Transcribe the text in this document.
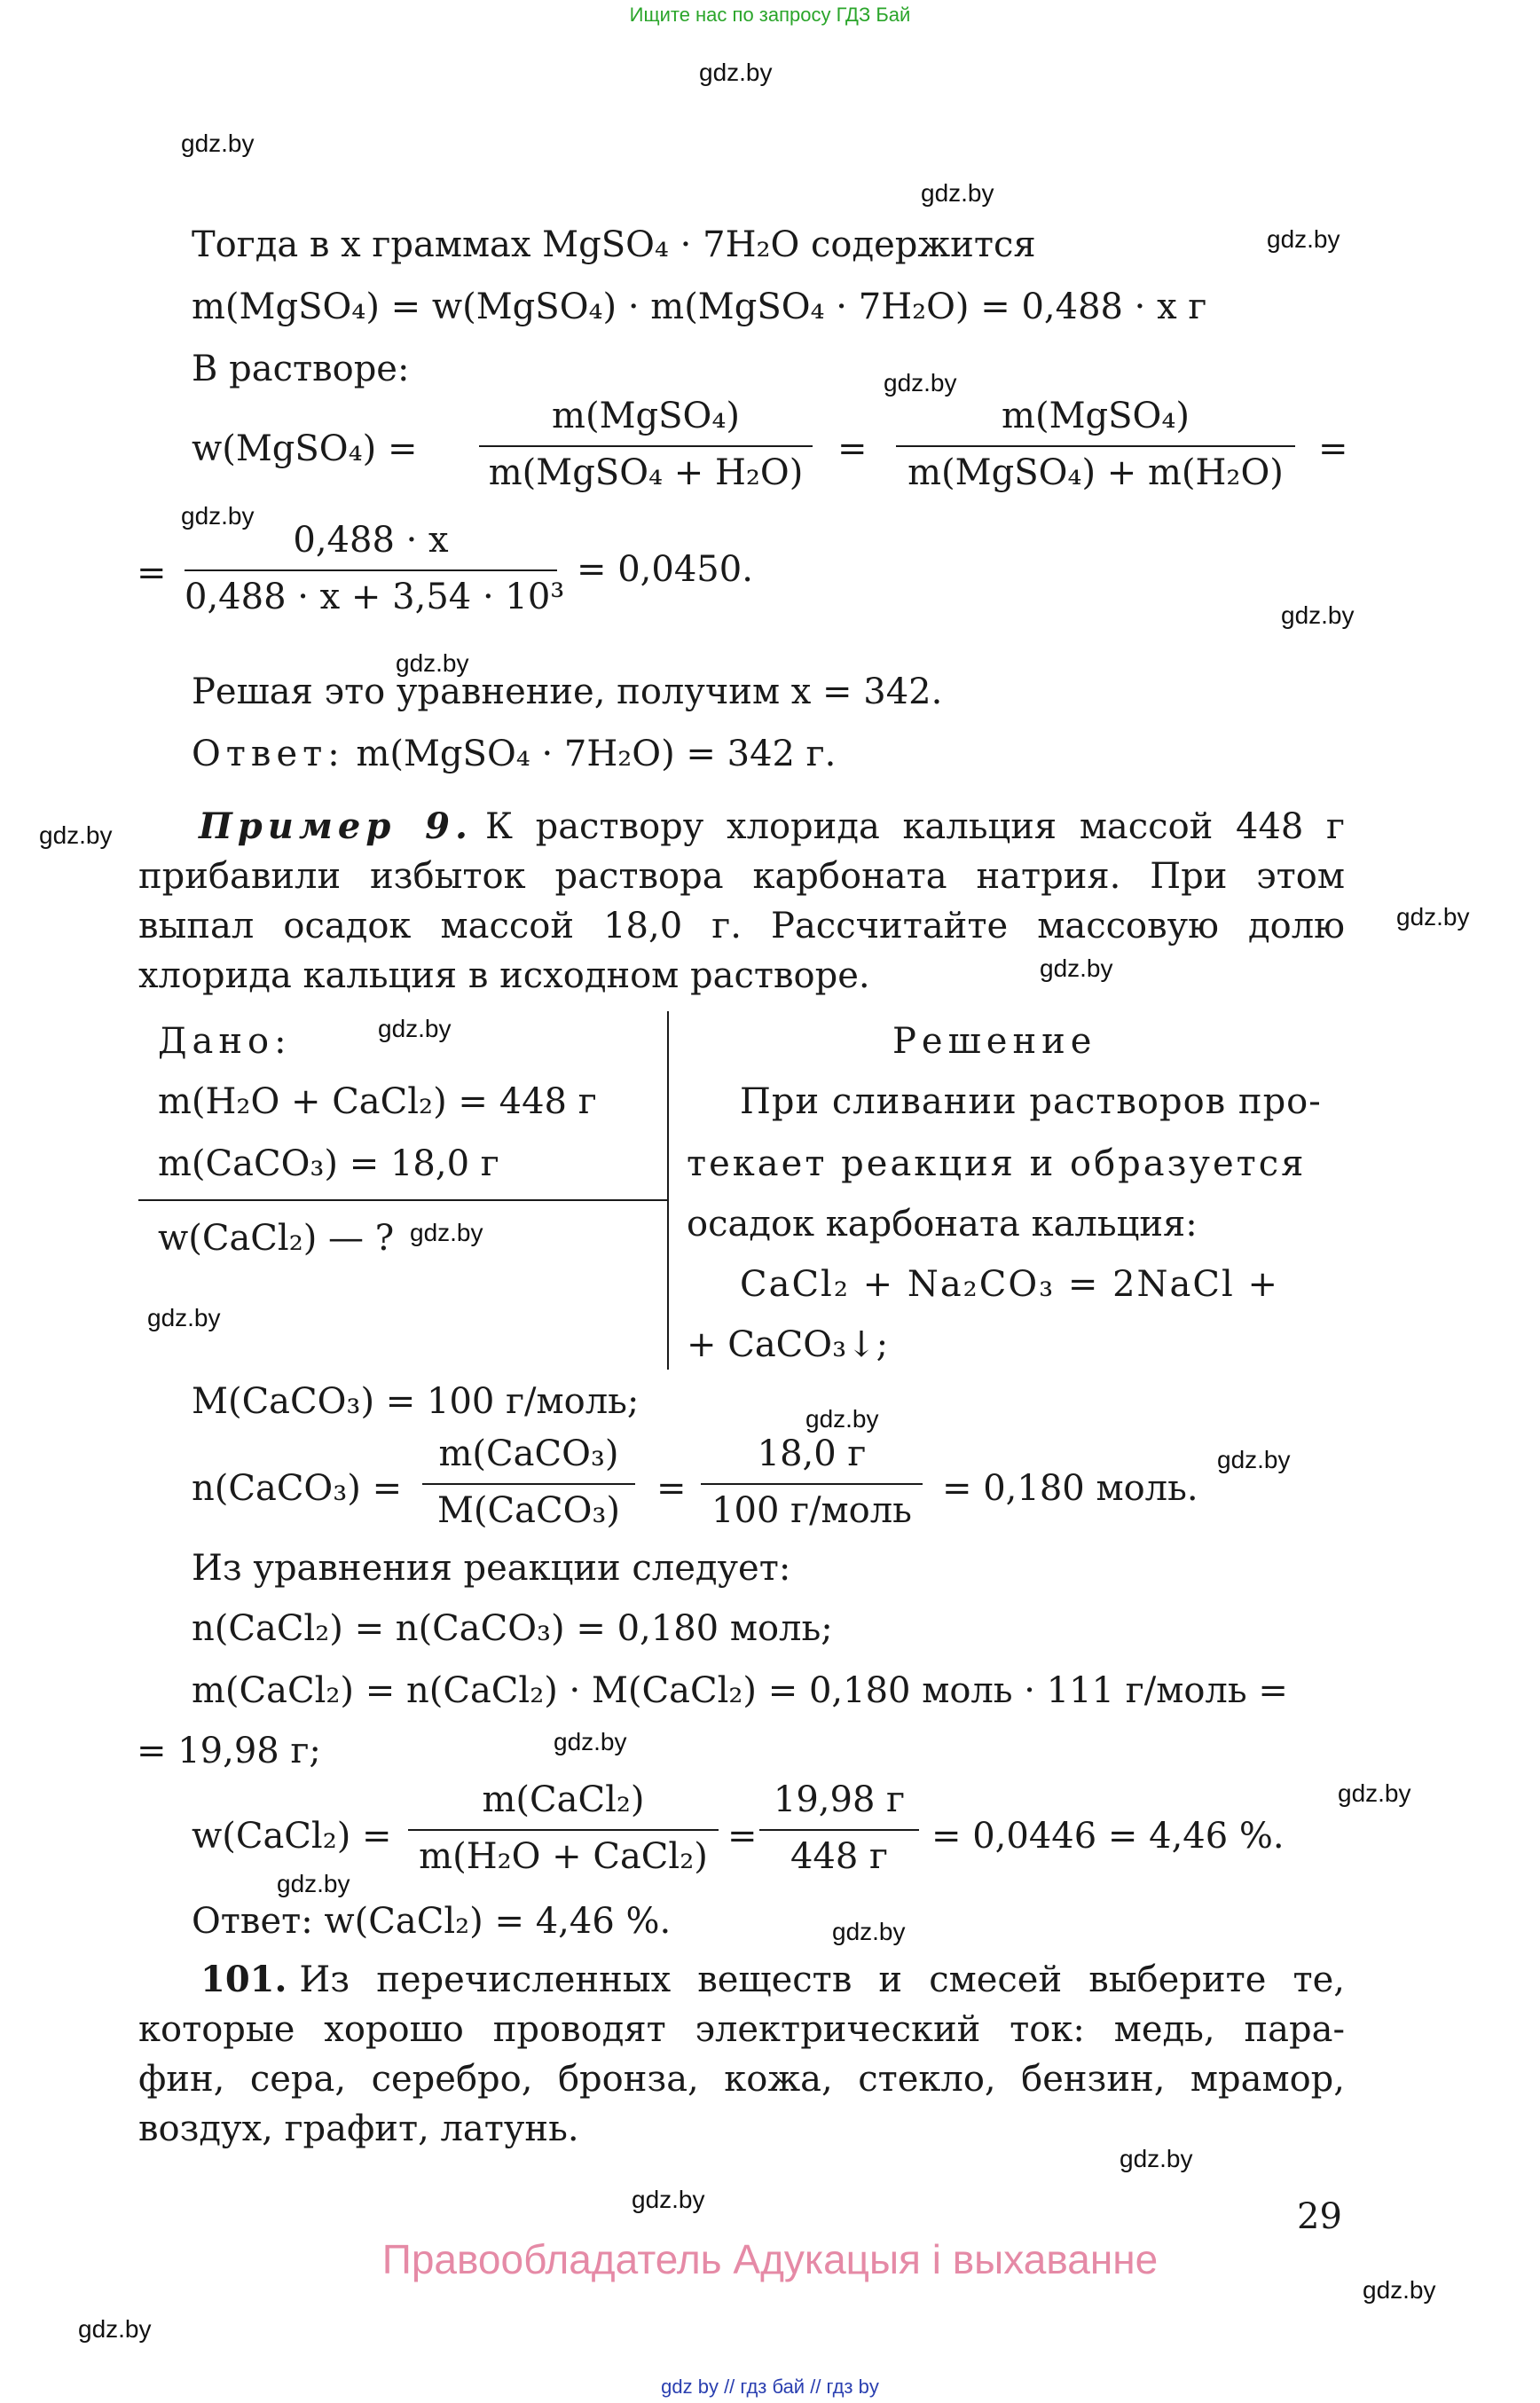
Ищите нас по запросу ГДЗ Бай
gdz.by
gdz.by
gdz.by
gdz.by
gdz.by
gdz.by
gdz.by
gdz.by
gdz.by
gdz.by
gdz.by
gdz.by
gdz.by
gdz.by
gdz.by
gdz.by
gdz.by
gdz.by
gdz.by
gdz.by
gdz.by
gdz.by
gdz.by
gdz.by
Тогда в x граммах MgSO₄ · 7H₂O содержится
m(MgSO₄) = w(MgSO₄) · m(MgSO₄ · 7H₂O) = 0,488 · x г
В растворе:
w(MgSO₄) =
m(MgSO₄)
m(MgSO₄ + H₂O)
=
m(MgSO₄)
m(MgSO₄) + m(H₂O)
=
=
0,488 · x
0,488 · x + 3,54 · 10³
= 0,0450.
Решая это уравнение, получим x = 342.
Ответ: m(MgSO₄ · 7H₂O) = 342 г.
Пример 9. К раствору хлорида кальция массой 448 г
прибавили избыток раствора карбоната натрия. При этом
выпал осадок массой 18,0 г. Рассчитайте массовую долю
хлорида кальция в исходном растворе.
Дано:
m(H₂O + CaCl₂) = 448 г
m(CaCO₃) = 18,0 г
w(CaCl₂) — ?
Решение
При сливании растворов про-
текает реакция и образуется
осадок карбоната кальция:
CaCl₂ + Na₂CO₃ = 2NaCl +
+ CaCO₃↓;
M(CaCO₃) = 100 г/моль;
n(CaCO₃) =
m(CaCO₃)
M(CaCO₃)
=
18,0 г
100 г/моль
= 0,180 моль.
Из уравнения реакции следует:
n(CaCl₂) = n(CaCO₃) = 0,180 моль;
m(CaCl₂) = n(CaCl₂) · M(CaCl₂) = 0,180 моль · 111 г/моль =
= 19,98 г;
w(CaCl₂) =
m(CaCl₂)
m(H₂O + CaCl₂) =
19,98 г
448 г	= 0,0446 = 4,46 %.
Ответ: w(CaCl₂) = 4,46 %.
101. Из перечисленных веществ и смесей выберите те,
которые хорошо проводят электрический ток: медь, пара-
фин, сера, серебро, бронза, кожа, стекло, бензин, мрамор,
воздух, графит, латунь.
29
Правообладатель Адукацыя і выхаванне
gdz by // гдз бай // гдз by
